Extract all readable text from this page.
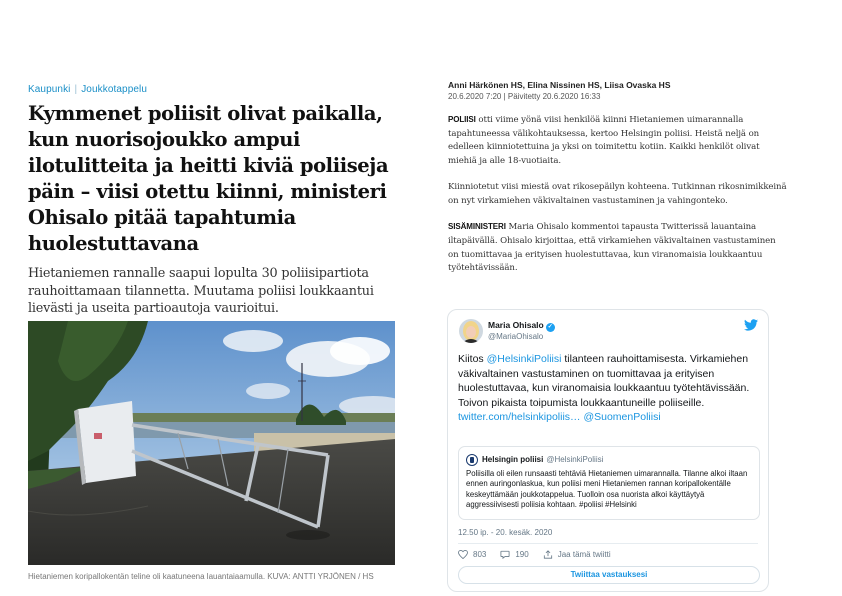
Kaupunki | Joukkotappelu
Kymmenet poliisit olivat paikalla, kun nuorisojoukko ampui ilotulitteita ja heitti kiviä poliiseja päin – viisi otettu kiinni, ministeri Ohisalo pitää tapahtumia huolestuttavana

Hietaniemen rannalle saapui lopulta 30 poliisipartiota rauhoittamaan tilannetta. Muutama poliisi loukkaantui lievästi ja useita partioautoja vaurioitui.

Hietaniemen koripallokentän teline oli kaatuneena lauantaiaamulla. KUVA: ANTTI YRJÖNEN / HS
Anni Härkönen HS, Elina Nissinen HS, Liisa Ovaska HS
20.6.2020 7:20 | Päivitetty 20.6.2020 16:33

POLIISI otti viime yönä viisi henkilöä kiinni Hietaniemen uimarannalla tapahtuneessa välikohtauksessa, kertoo Helsingin poliisi. Heistä neljä on edelleen kiinniotettuina ja yksi on toimitettu kotiin. Kaikki henkilöt olivat miehiä ja alle 18-vuotiaita.

Kiinniotetut viisi miestä ovat rikosepäilyn kohteena. Tutkinnan rikosnimikkeinä on nyt virkamiehen väkivaltainen vastustaminen ja vahingonteko.

SISÄMINISTERI Maria Ohisalo kommentoi tapausta Twitterissä lauantaina iltapäivällä. Ohisalo kirjoittaa, että virkamiehen väkivaltainen vastustaminen on tuomittavaa ja erityisen huolestuttavaa, kun viranomaisia loukkaantuu työtehtävissään.

Maria Ohisalo ✓
@MariaOhisalo
Kiitos @HelsinkiPoliisi tilanteen rauhoittamisesta. Virkamiehen väkivaltainen vastustaminen on tuomittavaa ja erityisen huolestuttavaa, kun viranomaisia loukkaantuu työtehtävissään. Toivon pikaista toipumista loukkaantuneille poliiseille. twitter.com/helsinkipoliis… @SuomenPoliisi
Helsingin poliisi @HelsinkiPoliisi
Poliisilla oli eilen runsaasti tehtäviä Hietaniemen uimarannalla. Tilanne alkoi iltaan ennen auringonlaskua, kun poliisi meni Hietaniemen rannan koripallokentälle keskeyttämään joukkotappelua. Tuolloin osa nuorista alkoi käyttäytyä aggressiivisesti poliisia kohtaan. #poliisi #Helsinki
12.50 ip. - 20. kesäk. 2020
803	190	Jaa tämä twiitti
Twiittaa vastauksesi
